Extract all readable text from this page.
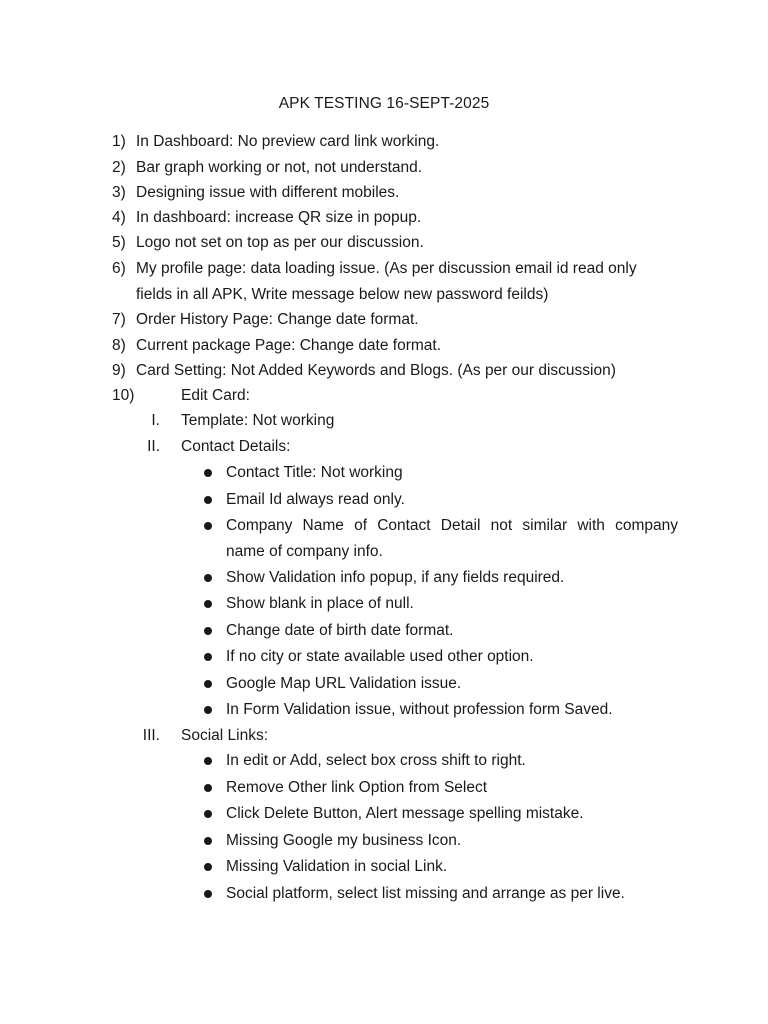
APK TESTING 16-SEPT-2025
1) In Dashboard: No preview card link working.
2) Bar graph working or not, not understand.
3) Designing issue with different mobiles.
4) In dashboard: increase QR size in popup.
5) Logo not set on top as per our discussion.
6) My profile page: data loading issue. (As per discussion email id read only
fields in all APK, Write message below new password feilds)
7) Order History Page: Change date format.
8) Current package Page: Change date format.
9) Card Setting: Not Added Keywords and Blogs. (As per our discussion)
10)	Edit Card:
I. Template: Not working
II. Contact Details:
Contact Title: Not working
Email Id always read only.
Company Name of Contact Detail not similar with company
name of company info.
Show Validation info popup, if any fields required.
Show blank in place of null.
Change date of birth date format.
If no city or state available used other option.
Google Map URL Validation issue.
In Form Validation issue, without profession form Saved.
III. Social Links:
In edit or Add, select box cross shift to right.
Remove Other link Option from Select
Click Delete Button, Alert message spelling mistake.
Missing Google my business Icon.
Missing Validation in social Link.
Social platform, select list missing and arrange as per live.
